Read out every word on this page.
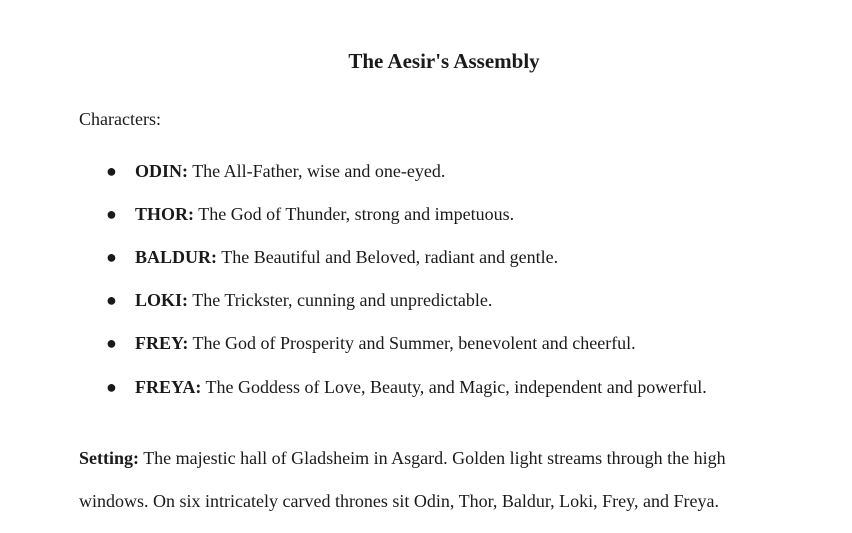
The Aesir's Assembly

Characters:

● ODIN: The All-Father, wise and one-eyed.
● THOR: The God of Thunder, strong and impetuous.
● BALDUR: The Beautiful and Beloved, radiant and gentle.
● LOKI: The Trickster, cunning and unpredictable.
● FREY: The God of Prosperity and Summer, benevolent and cheerful.
● FREYA: The Goddess of Love, Beauty, and Magic, independent and powerful.

Setting: The majestic hall of Gladsheim in Asgard. Golden light streams through the high windows. On six intricately carved thrones sit Odin, Thor, Baldur, Loki, Frey, and Freya.
